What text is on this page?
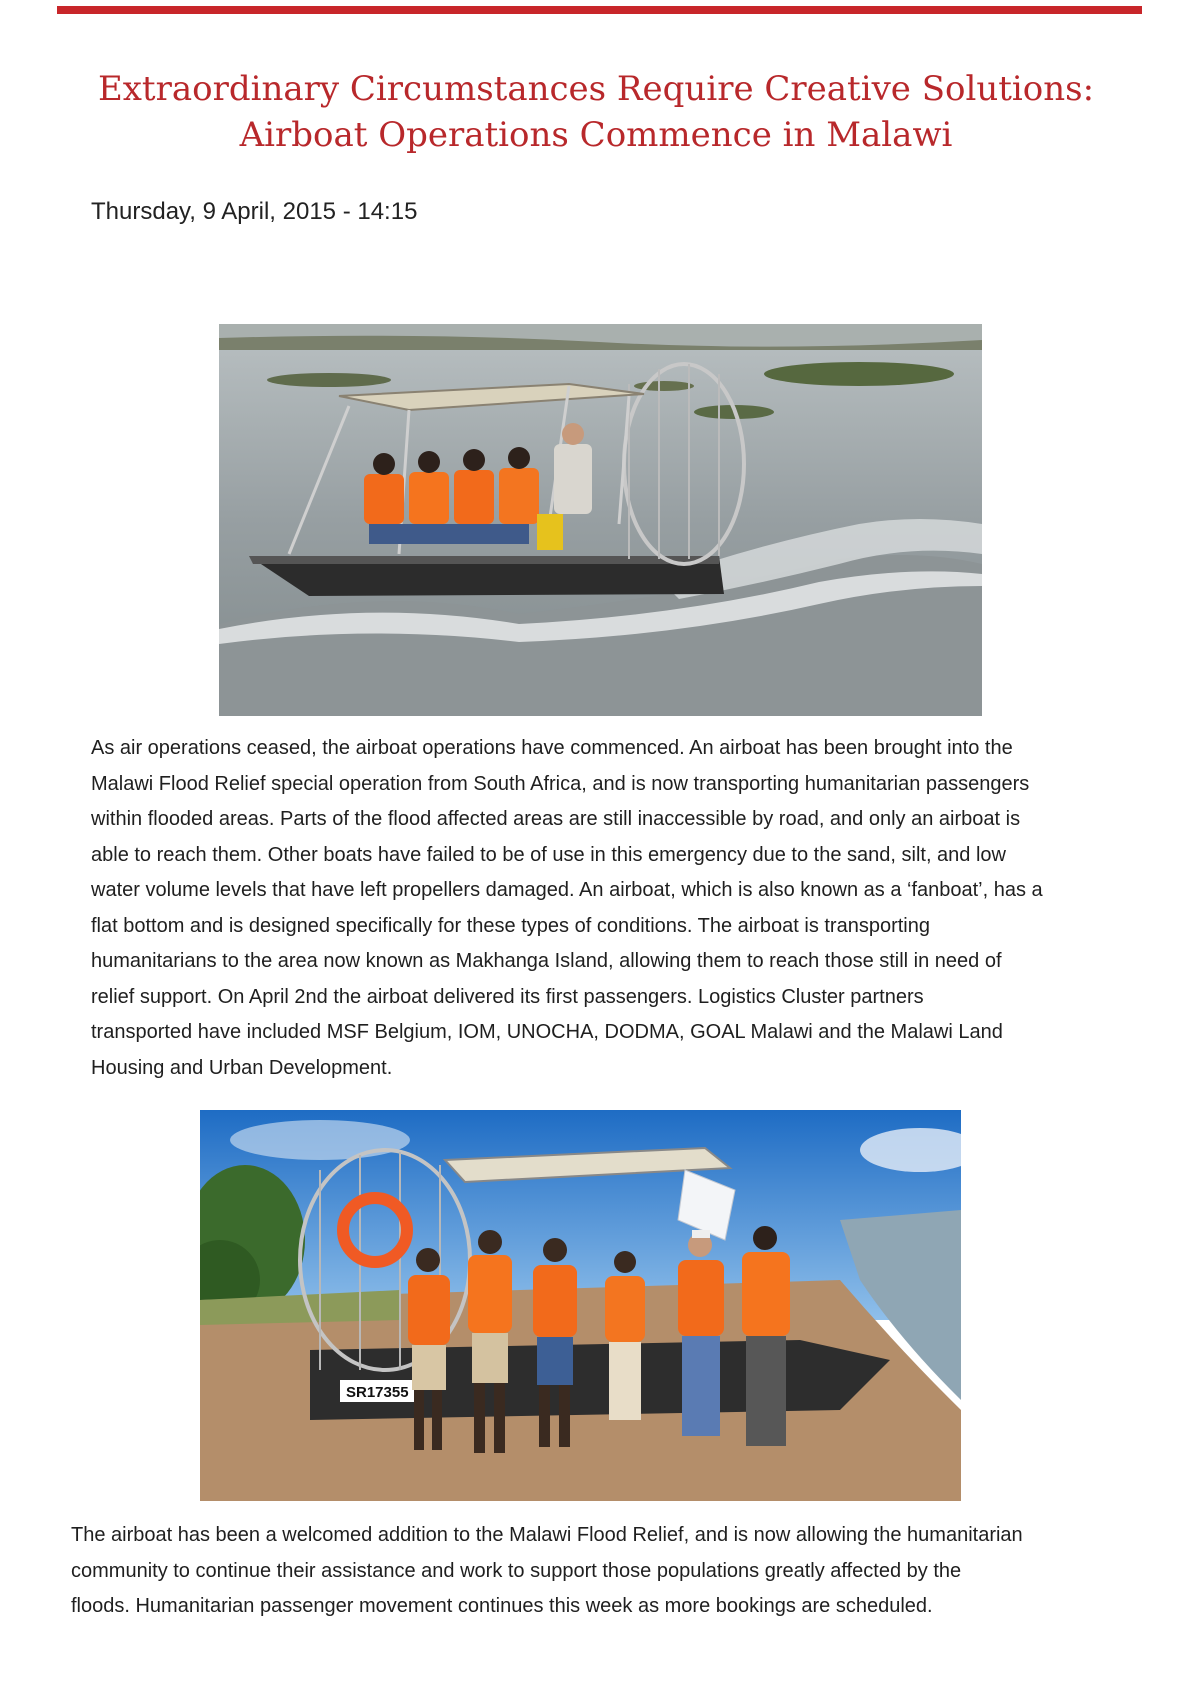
Extraordinary Circumstances Require Creative Solutions:
Airboat Operations Commence in Malawi
Thursday, 9 April, 2015 - 14:15
As air operations ceased, the airboat operations have commenced. An airboat has been brought into the
Malawi Flood Relief special operation from South Africa, and is now transporting humanitarian passengers
within flooded areas. Parts of the flood affected areas are still inaccessible by road, and only an airboat is
able to reach them. Other boats have failed to be of use in this emergency due to the sand, silt, and low
water volume levels that have left propellers damaged. An airboat, which is also known as a ‘fanboat’, has a
flat bottom and is designed specifically for these types of conditions. The airboat is transporting
humanitarians to the area now known as Makhanga Island, allowing them to reach those still in need of
relief support. On April 2nd the airboat delivered its first passengers. Logistics Cluster partners
transported have included MSF Belgium, IOM, UNOCHA, DODMA, GOAL Malawi and the Malawi Land
Housing and Urban Development.
SR17355
The airboat has been a welcomed addition to the Malawi Flood Relief, and is now allowing the humanitarian
community to continue their assistance and work to support those populations greatly affected by the
floods. Humanitarian passenger movement continues this week as more bookings are scheduled.
